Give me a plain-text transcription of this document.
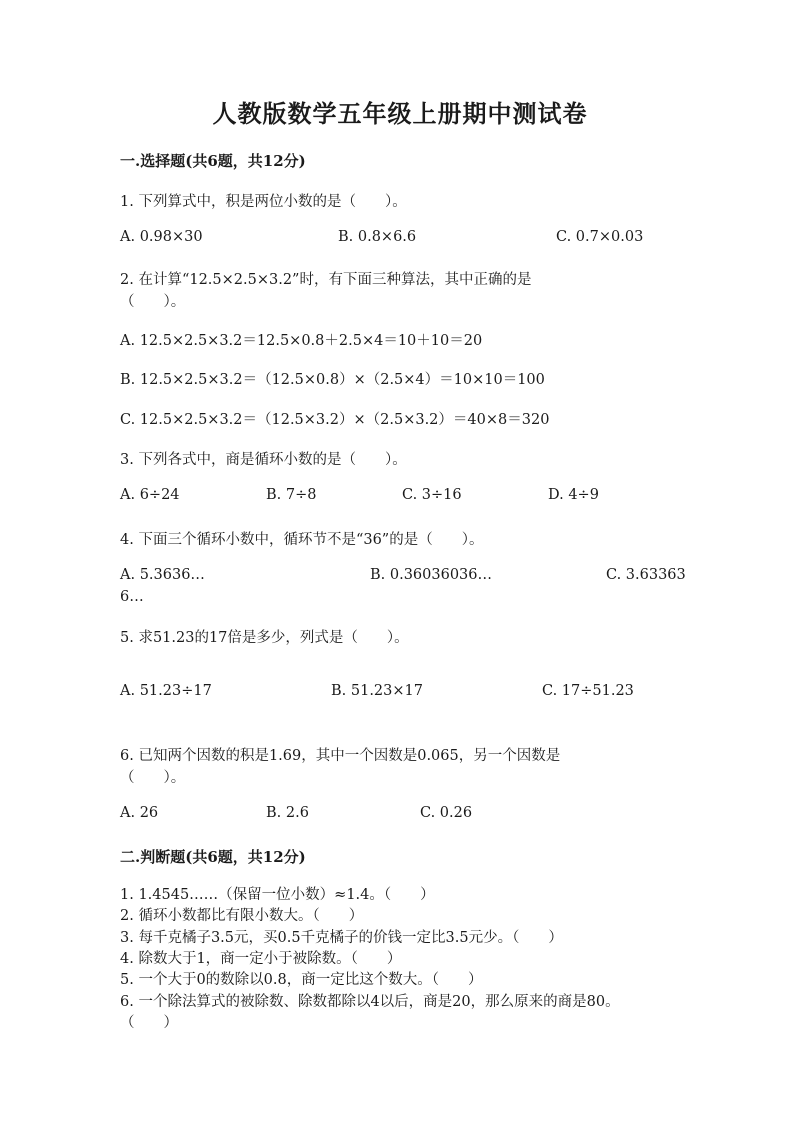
人教版数学五年级上册期中测试卷
一.选择题(共6题，共12分)
1. 下列算式中，积是两位小数的是（　　）。
A. 0.98×30	B. 0.8×6.6	C. 0.7×0.03
2. 在计算“12.5×2.5×3.2”时，有下面三种算法，其中正确的是
（　　）。
A. 12.5×2.5×3.2＝12.5×0.8＋2.5×4＝10＋10＝20
B. 12.5×2.5×3.2＝（12.5×0.8）×（2.5×4）＝10×10＝100
C. 12.5×2.5×3.2＝（12.5×3.2）×（2.5×3.2）＝40×8＝320
3. 下列各式中，商是循环小数的是（　　）。
A. 6÷24	B. 7÷8	C. 3÷16	D. 4÷9
4. 下面三个循环小数中，循环节不是“36”的是（　　）。
A. 5.3636…	B. 0.36036036…	C. 3.63363
6…
5. 求51.23的17倍是多少，列式是（　　）。
A. 51.23÷17	B. 51.23×17	C. 17÷51.23
6. 已知两个因数的积是1.69，其中一个因数是0.065，另一个因数是
（　　）。
A. 26	B. 2.6	C. 0.26
二.判断题(共6题，共12分)
1. 1.4545……（保留一位小数）≈1.4。（　　）
2. 循环小数都比有限小数大。（　　）
3. 每千克橘子3.5元，买0.5千克橘子的价钱一定比3.5元少。（　　）
4. 除数大于1，商一定小于被除数。（　　）
5. 一个大于0的数除以0.8，商一定比这个数大。（　　）
6. 一个除法算式的被除数、除数都除以4以后，商是20，那么原来的商是80。
（　　）
